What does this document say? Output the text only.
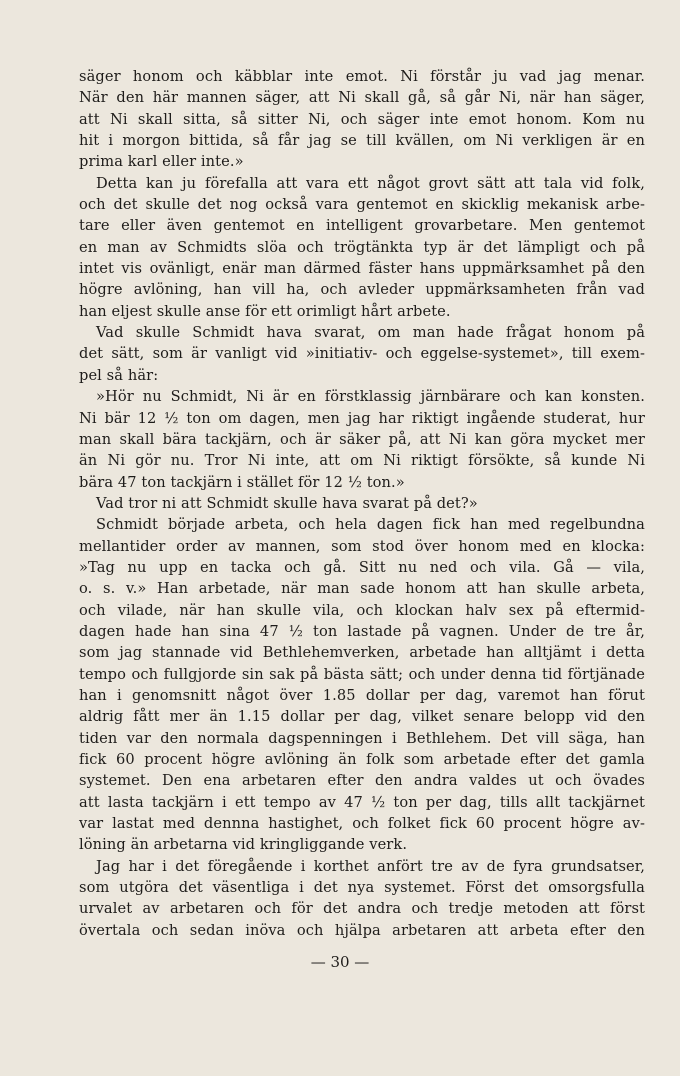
säger honom och käbblar inte emot. Ni förstår ju vad jag menar.
När den här mannen säger, att Ni skall gå, så går Ni, när han säger,
att Ni skall sitta, så sitter Ni, och säger inte emot honom. Kom nu
hit i morgon bittida, så får jag se till kvällen, om Ni verkligen är en
prima karl eller inte.»
Detta kan ju förefalla att vara ett något grovt sätt att tala vid folk,
och det skulle det nog också vara gentemot en skicklig mekanisk arbe-
tare eller även gentemot en intelligent grovarbetare. Men gentemot
en man av Schmidts slöa och trögtänkta typ är det lämpligt och på
intet vis ovänligt, enär man därmed fäster hans uppmärksamhet på den
högre avlöning, han vill ha, och avleder uppmärksamheten från vad
han eljest skulle anse för ett orimligt hårt arbete.
Vad skulle Schmidt hava svarat, om man hade frågat honom på
det sätt, som är vanligt vid »initiativ- och eggelse-systemet», till exem-
pel så här:
»Hör nu Schmidt, Ni är en förstklassig järnbärare och kan konsten.
Ni bär 12 ½ ton om dagen, men jag har riktigt ingående studerat, hur
man skall bära tackjärn, och är säker på, att Ni kan göra mycket mer
än Ni gör nu. Tror Ni inte, att om Ni riktigt försökte, så kunde Ni
bära 47 ton tackjärn i stället för 12 ½ ton.»
Vad tror ni att Schmidt skulle hava svarat på det?»
Schmidt började arbeta, och hela dagen fick han med regelbundna
mellantider order av mannen, som stod över honom med en klocka:
»Tag nu upp en tacka och gå. Sitt nu ned och vila. Gå — vila,
o. s. v.» Han arbetade, när man sade honom att han skulle arbeta,
och vilade, när han skulle vila, och klockan halv sex på eftermid-
dagen hade han sina 47 ½ ton lastade på vagnen. Under de tre år,
som jag stannade vid Bethlehemverken, arbetade han alltjämt i detta
tempo och fullgjorde sin sak på bästa sätt; och under denna tid förtjänade
han i genomsnitt något över 1.85 dollar per dag, varemot han förut
aldrig fått mer än 1.15 dollar per dag, vilket senare belopp vid den
tiden var den normala dagspenningen i Bethlehem. Det vill säga, han
fick 60 procent högre avlöning än folk som arbetade efter det gamla
systemet. Den ena arbetaren efter den andra valdes ut och övades
att lasta tackjärn i ett tempo av 47 ½ ton per dag, tills allt tackjärnet
var lastat med dennna hastighet, och folket fick 60 procent högre av-
löning än arbetarna vid kringliggande verk.
Jag har i det föregående i korthet anfört tre av de fyra grundsatser,
som utgöra det väsentliga i det nya systemet. Först det omsorgsfulla
urvalet av arbetaren och för det andra och tredje metoden att först
övertala och sedan inöva och hjälpa arbetaren att arbeta efter den
— 30 —
